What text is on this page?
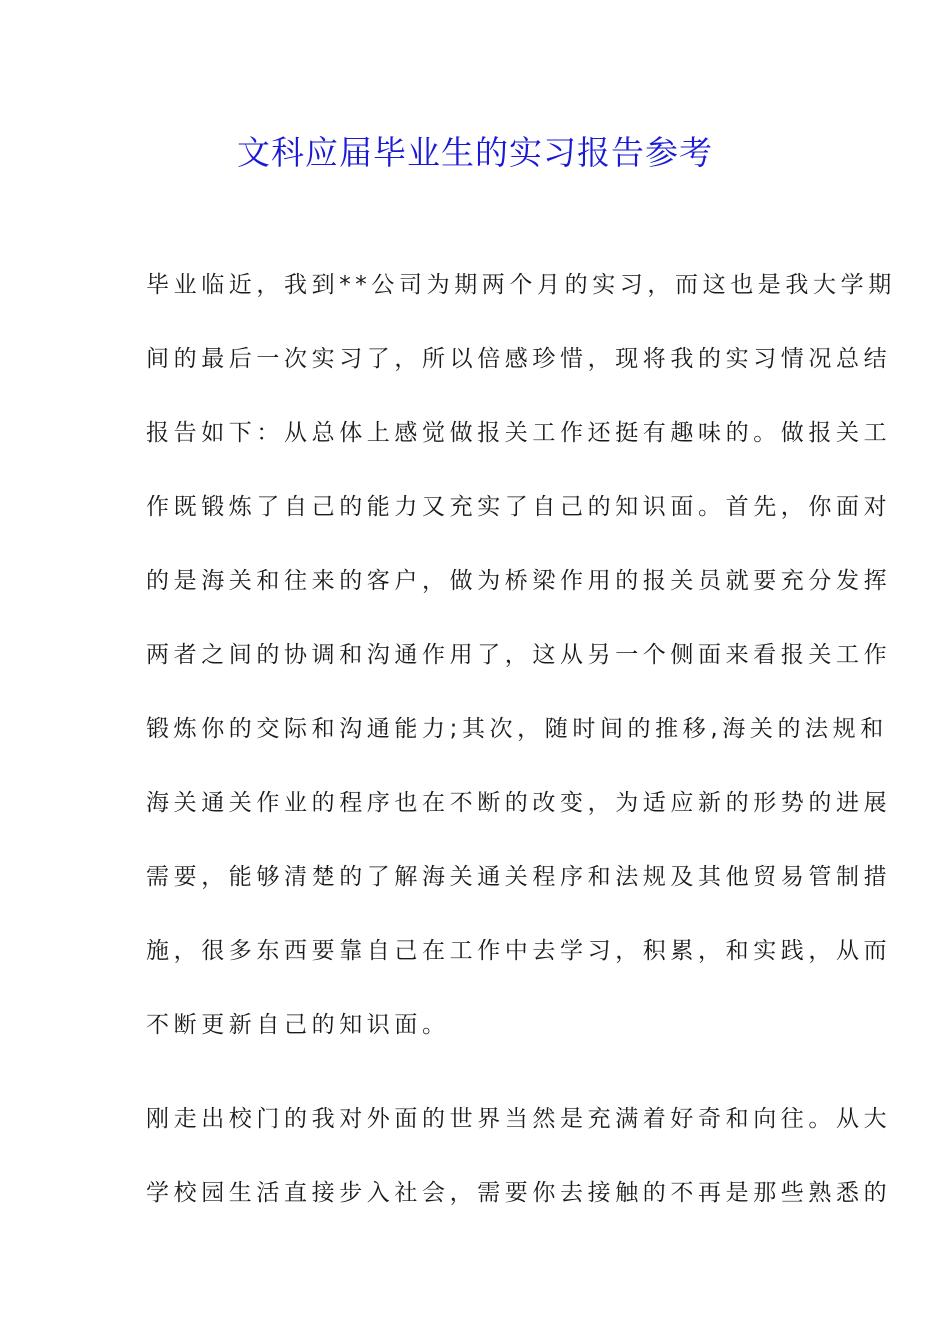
文科应届毕业生的实习报告参考
毕业临近，我到**公司为期两个月的实习，而这也是我大学期
间的最后一次实习了，所以倍感珍惜，现将我的实习情况总结
报告如下：从总体上感觉做报关工作还挺有趣味的。做报关工
作既锻炼了自己的能力又充实了自己的知识面。首先，你面对
的是海关和往来的客户，做为桥梁作用的报关员就要充分发挥
两者之间的协调和沟通作用了，这从另一个侧面来看报关工作
锻炼你的交际和沟通能力;其次，随时间的推移,海关的法规和
海关通关作业的程序也在不断的改变，为适应新的形势的进展
需要，能够清楚的了解海关通关程序和法规及其他贸易管制措
施，很多东西要靠自己在工作中去学习，积累，和实践，从而
不断更新自己的知识面。
刚走出校门的我对外面的世界当然是充满着好奇和向往。从大
学校园生活直接步入社会，需要你去接触的不再是那些熟悉的
